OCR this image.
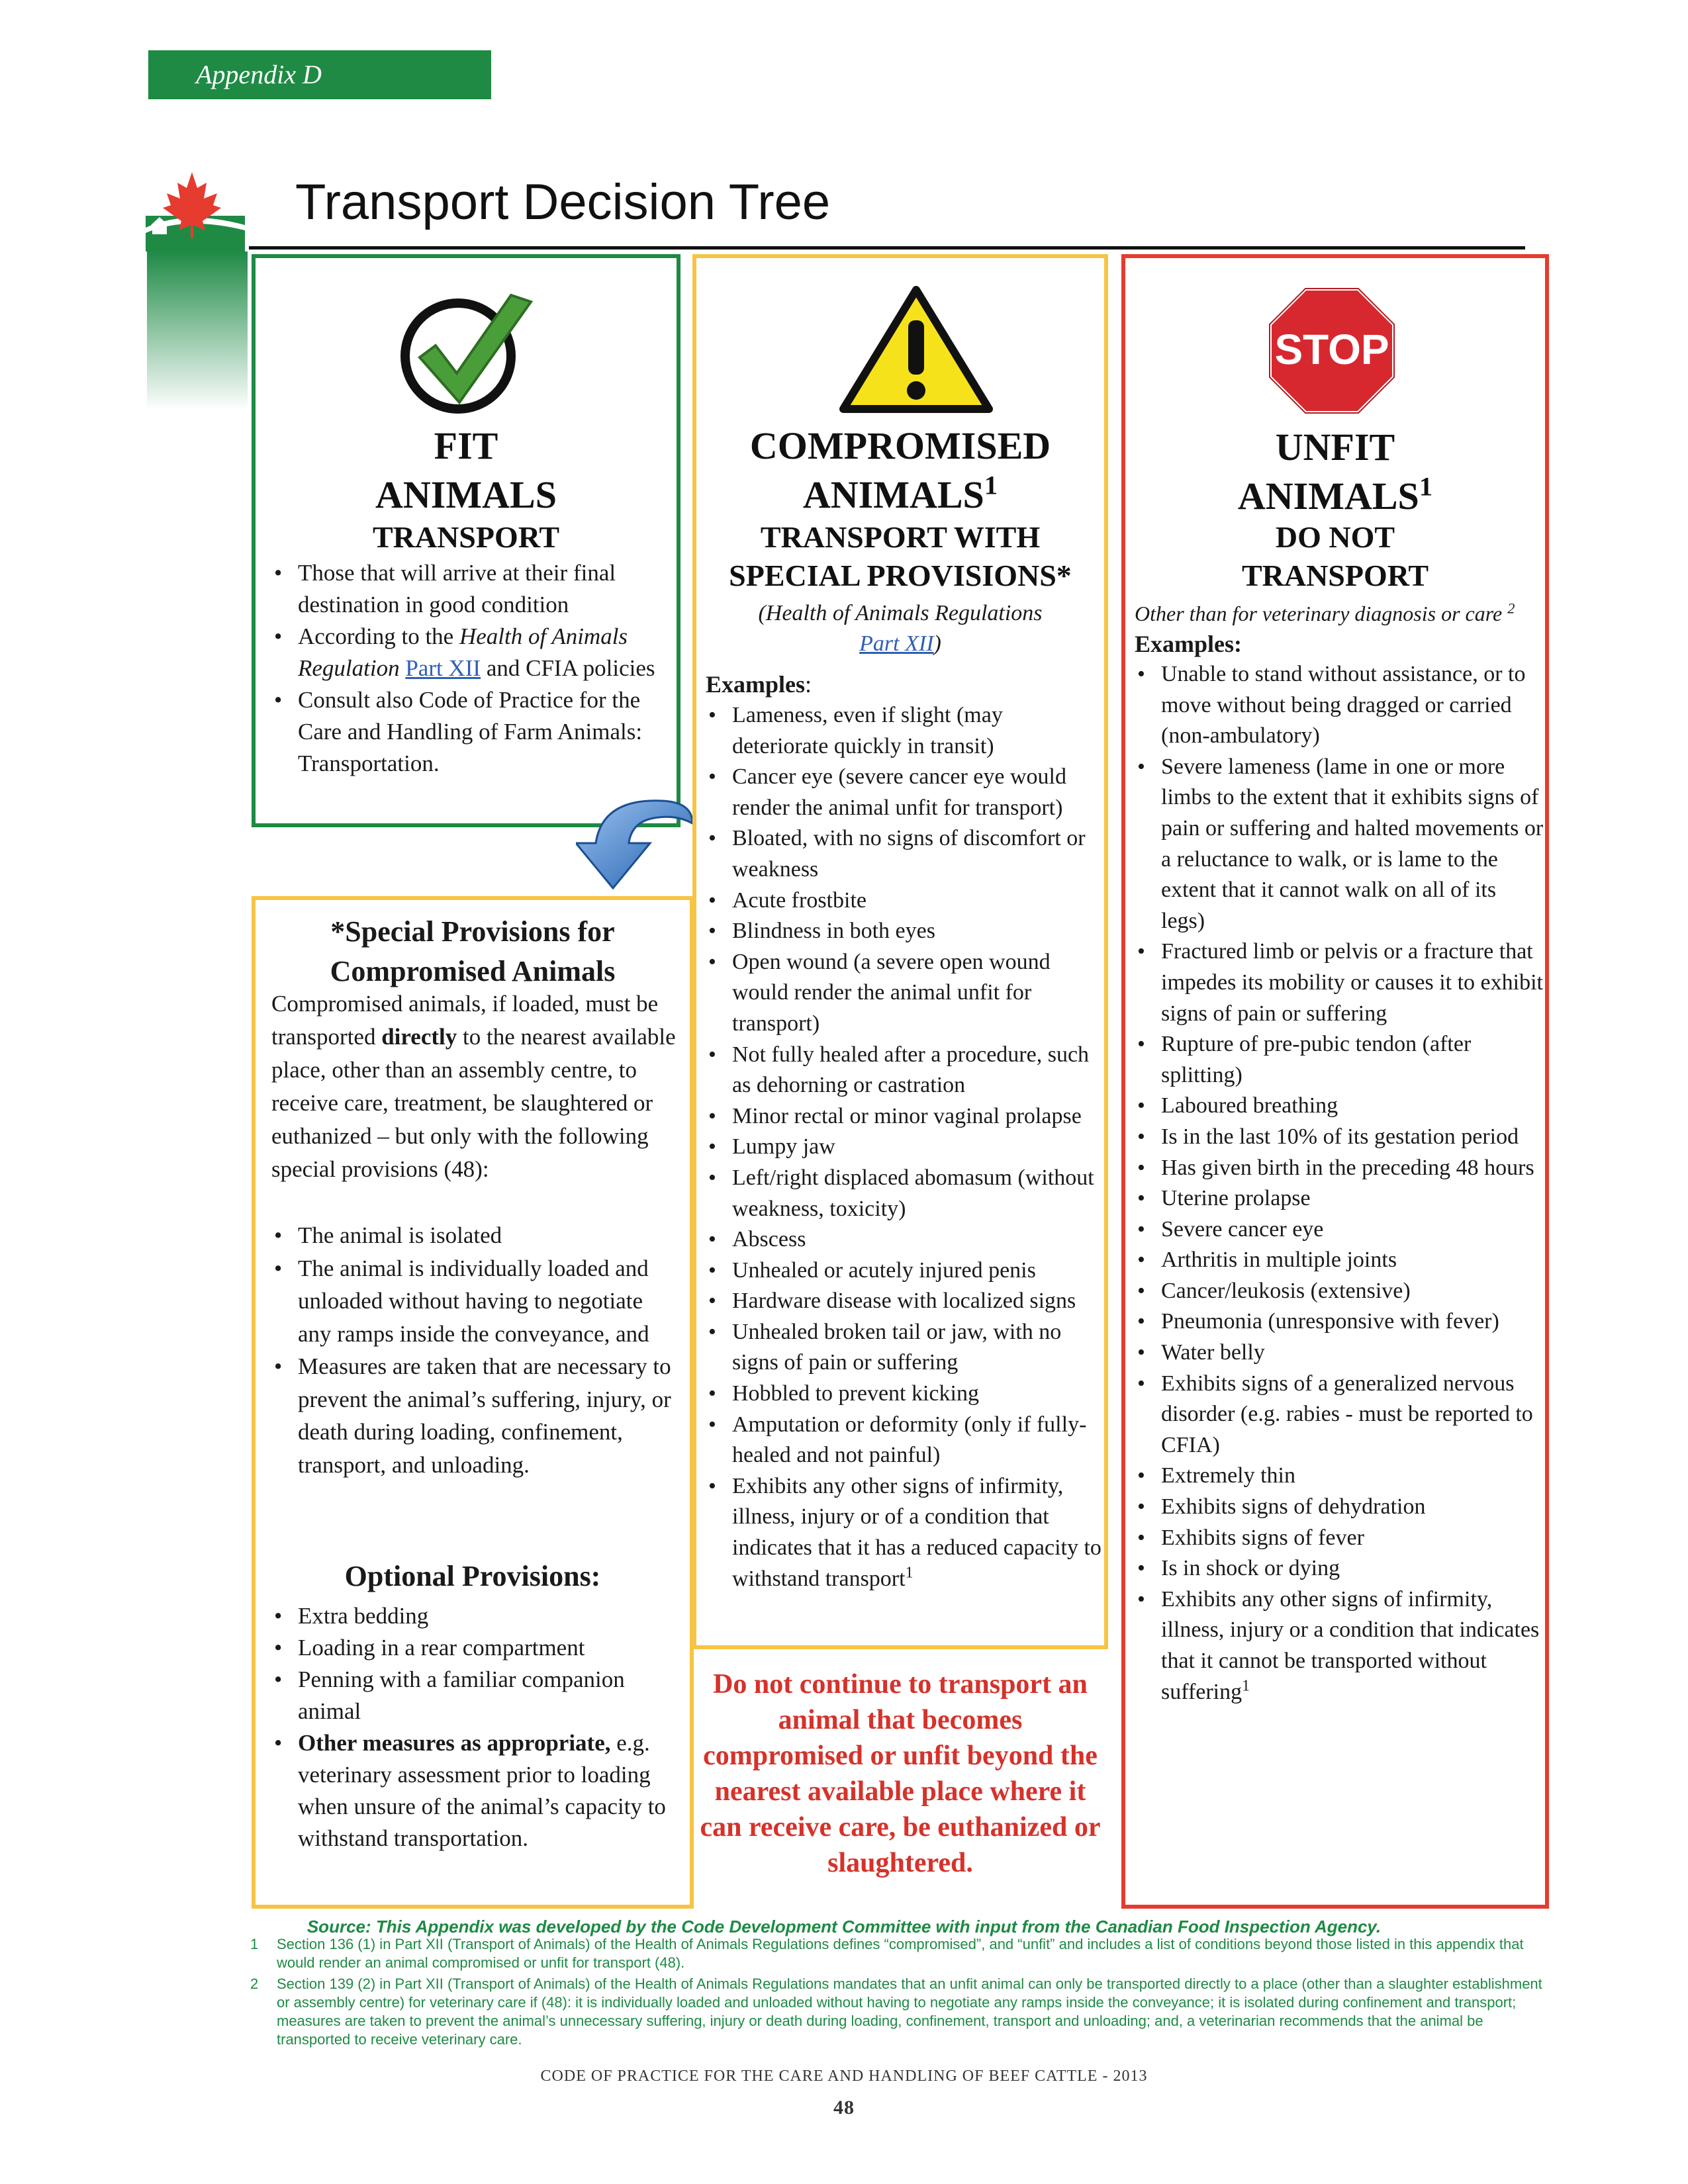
Appendix D
Transport Decision Tree
FIT
ANIMALS
TRANSPORT
• Those that will arrive at their final destination in good condition
• According to the Health of Animals Regulation Part XII and CFIA policies
• Consult also Code of Practice for the Care and Handling of Farm Animals: Transportation.
COMPROMISED
ANIMALS$^1$
TRANSPORT WITH
SPECIAL PROVISIONS*
(Health of Animals Regulations
Part XII)
Examples:
• Lameness, even if slight (may deteriorate quickly in transit)
• Cancer eye (severe cancer eye would render the animal unfit for transport)
• Bloated, with no signs of discomfort or weakness
• Acute frostbite
• Blindness in both eyes
• Open wound (a severe open wound would render the animal unfit for transport)
• Not fully healed after a procedure, such as dehorning or castration
• Minor rectal or minor vaginal prolapse
• Lumpy jaw
• Left/right displaced abomasum (without weakness, toxicity)
• Abscess
• Unhealed or acutely injured penis
• Hardware disease with localized signs
• Unhealed broken tail or jaw, with no signs of pain or suffering
• Hobbled to prevent kicking
• Amputation or deformity (only if fully-healed and not painful)
• Exhibits any other signs of infirmity, illness, injury or of a condition that indicates that it has a reduced capacity to withstand transport$^1$
STOP
UNFIT
ANIMALS$^1$
DO NOT
TRANSPORT
Other than for veterinary diagnosis or care $^2$
Examples:
• Unable to stand without assistance, or to move without being dragged or carried (non-ambulatory)
• Severe lameness (lame in one or more limbs to the extent that it exhibits signs of pain or suffering and halted movements or a reluctance to walk, or is lame to the extent that it cannot walk on all of its legs)
• Fractured limb or pelvis or a fracture that impedes its mobility or causes it to exhibit signs of pain or suffering
• Rupture of pre-pubic tendon (after splitting)
• Laboured breathing
• Is in the last 10% of its gestation period
• Has given birth in the preceding 48 hours
• Uterine prolapse
• Severe cancer eye
• Arthritis in multiple joints
• Cancer/leukosis (extensive)
• Pneumonia (unresponsive with fever)
• Water belly
• Exhibits signs of a generalized nervous disorder (e.g. rabies - must be reported to CFIA)
• Extremely thin
• Exhibits signs of dehydration
• Exhibits signs of fever
• Is in shock or dying
• Exhibits any other signs of infirmity, illness, injury or a condition that indicates that it cannot be transported without suffering$^1$
*Special Provisions for
Compromised Animals
Compromised animals, if loaded, must be transported directly to the nearest available place, other than an assembly centre, to receive care, treatment, be slaughtered or euthanized – but only with the following special provisions (48):
• The animal is isolated
• The animal is individually loaded and unloaded without having to negotiate any ramps inside the conveyance, and
• Measures are taken that are necessary to prevent the animal’s suffering, injury, or death during loading, confinement, transport, and unloading.
Optional Provisions:
• Extra bedding
• Loading in a rear compartment
• Penning with a familiar companion animal
• Other measures as appropriate, e.g. veterinary assessment prior to loading when unsure of the animal’s capacity to withstand transportation.
Do not continue to transport an animal that becomes compromised or unfit beyond the nearest available place where it can receive care, be euthanized or slaughtered.
Source: This Appendix was developed by the Code Development Committee with input from the Canadian Food Inspection Agency.
1 Section 136 (1) in Part XII (Transport of Animals) of the Health of Animals Regulations defines “compromised”, and “unfit” and includes a list of conditions beyond those listed in this appendix that would render an animal compromised or unfit for transport (48).
2 Section 139 (2) in Part XII (Transport of Animals) of the Health of Animals Regulations mandates that an unfit animal can only be transported directly to a place (other than a slaughter establishment or assembly centre) for veterinary care if (48): it is individually loaded and unloaded without having to negotiate any ramps inside the conveyance; it is isolated during confinement and transport; measures are taken to prevent the animal’s unnecessary suffering, injury or death during loading, confinement, transport and unloading; and, a veterinarian recommends that the animal be transported to receive veterinary care.
CODE OF PRACTICE FOR THE CARE AND HANDLING OF BEEF CATTLE - 2013
48
